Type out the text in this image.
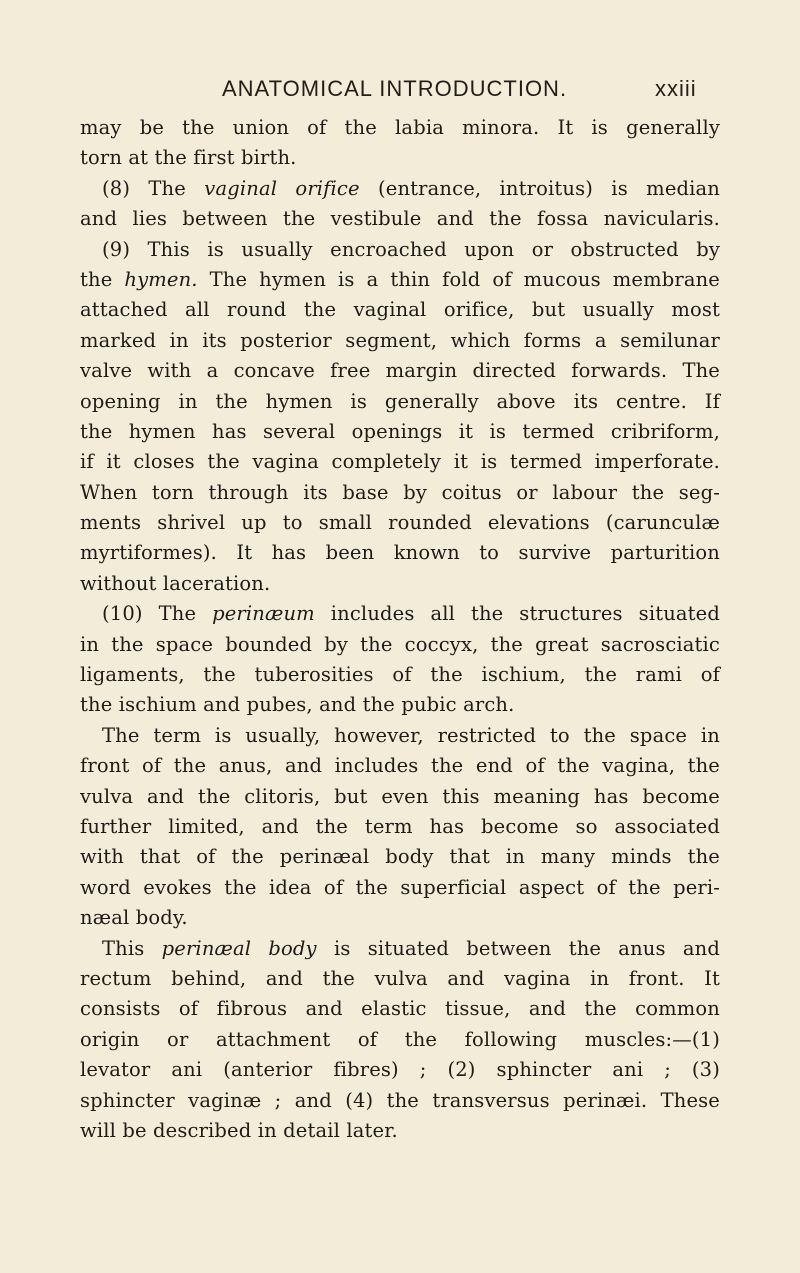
ANATOMICAL INTRODUCTION.	xxiii
may be the union of the labia minora. It is generally
torn at the first birth.
(8) The vaginal orifice (entrance, introitus) is median
and lies between the vestibule and the fossa navicularis.
(9) This is usually encroached upon or obstructed by
the hymen. The hymen is a thin fold of mucous membrane
attached all round the vaginal orifice, but usually most
marked in its posterior segment, which forms a semilunar
valve with a concave free margin directed forwards. The
opening in the hymen is generally above its centre. If
the hymen has several openings it is termed cribriform,
if it closes the vagina completely it is termed imperforate.
When torn through its base by coitus or labour the seg-
ments shrivel up to small rounded elevations (carunculæ
myrtiformes). It has been known to survive parturition
without laceration.
(10) The perinæum includes all the structures situated
in the space bounded by the coccyx, the great sacrosciatic
ligaments, the tuberosities of the ischium, the rami of
the ischium and pubes, and the pubic arch.
The term is usually, however, restricted to the space in
front of the anus, and includes the end of the vagina, the
vulva and the clitoris, but even this meaning has become
further limited, and the term has become so associated
with that of the perinæal body that in many minds the
word evokes the idea of the superficial aspect of the peri-
næal body.
This perinæal body is situated between the anus and
rectum behind, and the vulva and vagina in front. It
consists of fibrous and elastic tissue, and the common
origin or attachment of the following muscles:—(1)
levator ani (anterior fibres) ; (2) sphincter ani ; (3)
sphincter vaginæ ; and (4) the transversus perinæi. These
will be described in detail later.
